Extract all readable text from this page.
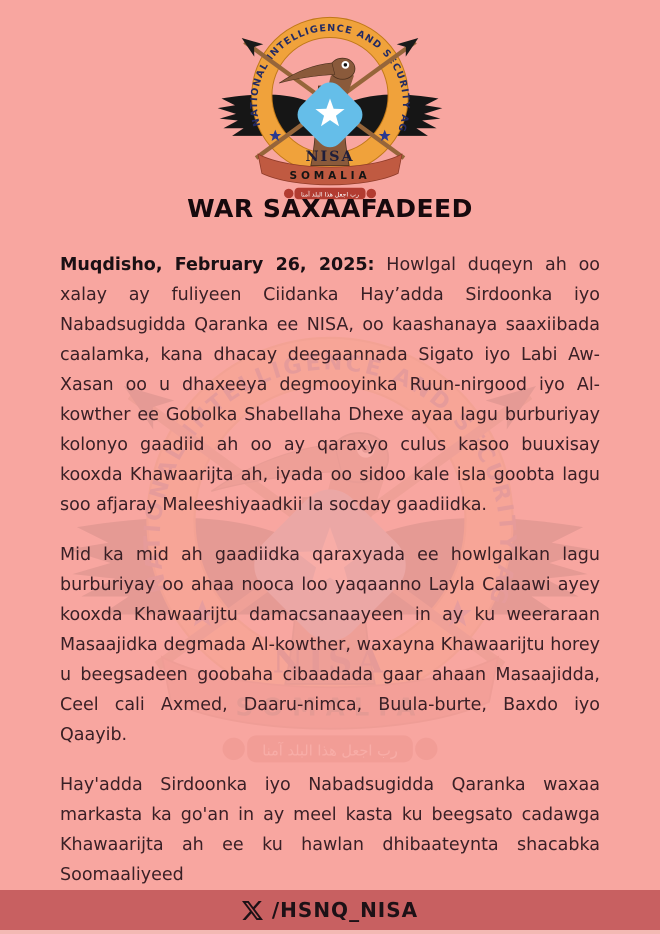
WAR SAXAAFADEED

Muqdisho, February 26, 2025: Howlgal duqeyn ah oo xalay ay fuliyeen Ciidanka Hay’adda Sirdoonka iyo Nabadsugidda Qaranka ee NISA, oo kaashanaya saaxiibada caalamka, kana dhacay deegaannada Sigato iyo Labi Aw-Xasan oo u dhaxeeya degmooyinka Ruun-nirgood iyo Al-kowther ee Gobolka Shabellaha Dhexe ayaa lagu burburiyay kolonyo gaadiid ah oo ay qaraxyo culus kasoo buuxisay kooxda Khawaarijta ah, iyada oo sidoo kale isla goobta lagu soo afjaray Maleeshiyaadkii la socday gaadiidka.

Mid ka mid ah gaadiidka qaraxyada ee howlgalkan lagu burburiyay oo ahaa nooca loo yaqaanno Layla Calaawi ayey kooxda Khawaarijtu damacsanaayeen in ay ku weeraraan Masaajidka degmada Al-kowther, waxayna Khawaarijtu horey u beegsadeen goobaha cibaadada gaar ahaan Masaajidda, Ceel cali Axmed, Daaru-nimca, Buula-burte, Baxdo iyo Qaayib.

Hay'adda Sirdoonka iyo Nabadsugidda Qaranka waxaa markasta ka go'an in ay meel kasta ku beegsato cadawga Khawaarijta ah ee ku hawlan dhibaateynta shacabka Soomaaliyeed

/HSNQ_NISA
